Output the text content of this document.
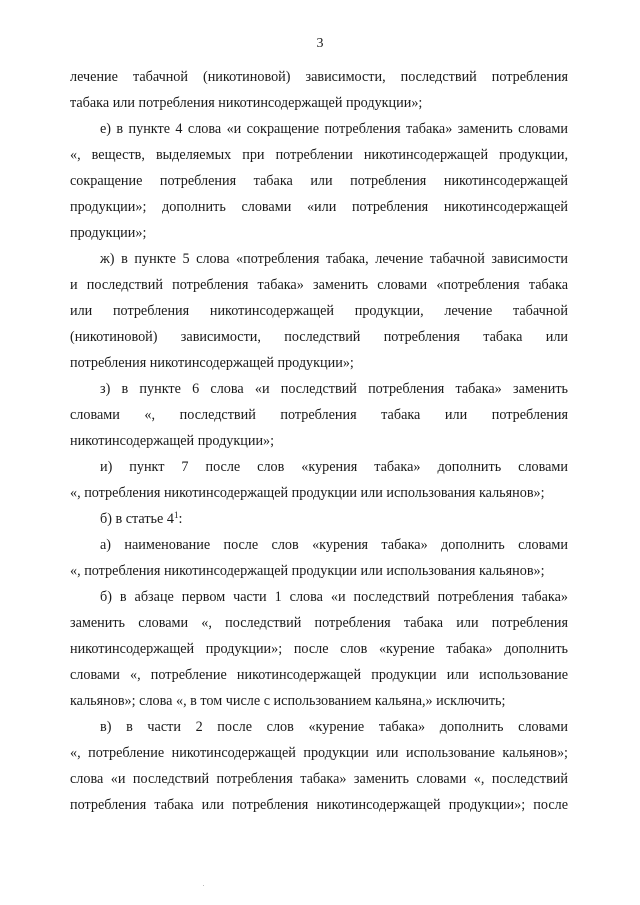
3
лечение табачной (никотиновой) зависимости, последствий потребления
табака или потребления никотинсодержащей продукции»;
е) в пункте 4 слова «и сокращение потребления табака» заменить словами
«, веществ, выделяемых при потреблении никотинсодержащей продукции,
сокращение потребления табака или потребления никотинсодержащей
продукции»; дополнить словами «или потребления никотинсодержащей
продукции»;
ж) в пункте 5 слова «потребления табака, лечение табачной зависимости
и последствий потребления табака» заменить словами «потребления табака
или потребления никотинсодержащей продукции, лечение табачной
(никотиновой) зависимости, последствий потребления табака или
потребления никотинсодержащей продукции»;
з) в пункте 6 слова «и последствий потребления табака» заменить
словами «, последствий потребления табака или потребления
никотинсодержащей продукции»;
и) пункт 7 после слов «курения табака» дополнить словами
«, потребления никотинсодержащей продукции или использования кальянов»;
б) в статье $4^1$:
а) наименование после слов «курения табака» дополнить словами
«, потребления никотинсодержащей продукции или использования кальянов»;
б) в абзаце первом части 1 слова «и последствий потребления табака»
заменить словами «, последствий потребления табака или потребления
никотинсодержащей продукции»; после слов «курение табака» дополнить
словами «, потребление никотинсодержащей продукции или использование
кальянов»; слова «, в том числе с использованием кальяна,» исключить;
в) в части 2 после слов «курение табака» дополнить словами
«, потребление никотинсодержащей продукции или использование кальянов»;
слова «и последствий потребления табака» заменить словами «, последствий
потребления табака или потребления никотинсодержащей продукции»; после
